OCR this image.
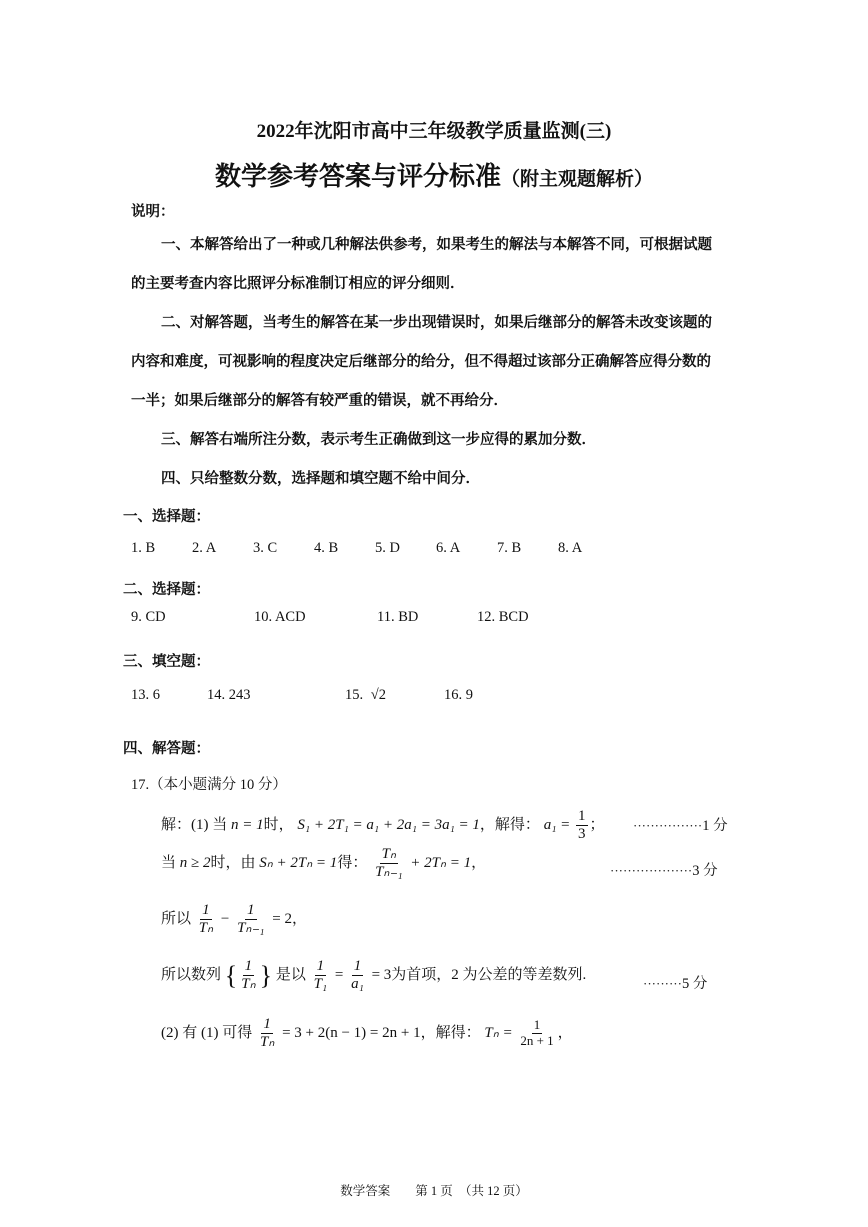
2022年沈阳市高中三年级教学质量监测(三)
数学参考答案与评分标准（附主观题解析）
说明：
一、本解答给出了一种或几种解法供参考，如果考生的解法与本解答不同，可根据试题
的主要考查内容比照评分标准制订相应的评分细则．
二、对解答题，当考生的解答在某一步出现错误时，如果后继部分的解答未改变该题的
内容和难度，可视影响的程度决定后继部分的给分，但不得超过该部分正确解答应得分数的
一半；如果后继部分的解答有较严重的错误，就不再给分．
三、解答右端所注分数，表示考生正确做到这一步应得的累加分数．
四、只给整数分数，选择题和填空题不给中间分．
一、选择题：
1. B	2. A	3. C	4. B	5. D 6. A	7. B	8. A
二、选择题：
9. CD	10. ACD	11. BD	12. BCD
三、填空题：
13. 6	14. 243	15. √2	16. 9
四、解答题：
17.（本小题满分 10 分）
解：(1) 当 n = 1时， S₁ + 2T₁ = a₁ + 2a₁ = 3a₁ = 1，解得： $a_1 = \frac{1}{3}$ ； ················1 分
当 n ≥ 2时，由 Sₙ + 2Tₙ = 1得： $\frac{\text{Tₙ}}{\text{Tₙ₋₁}} + 2T_n = 1$，	···················3 分
所以 $\frac{1}{\text{Tₙ}} - \frac{1}{\text{Tₙ₋₁}} = 2$，
所以数列 { $\frac{1}{\text{Tₙ}}$ } 是以 $\frac{1}{\text{T₁}} = \frac{1}{\text{a₁}} = 3$为首项，2 为公差的等差数列.
·········5 分
(2) 有 (1) 可得 $\frac{1}{\text{Tₙ}} = 3 + 2(n - 1) = 2n + 1$，解得： $T_n = \frac{1}{2n + 1}$ ，
数学答案　　第 1 页　（共 12 页）
